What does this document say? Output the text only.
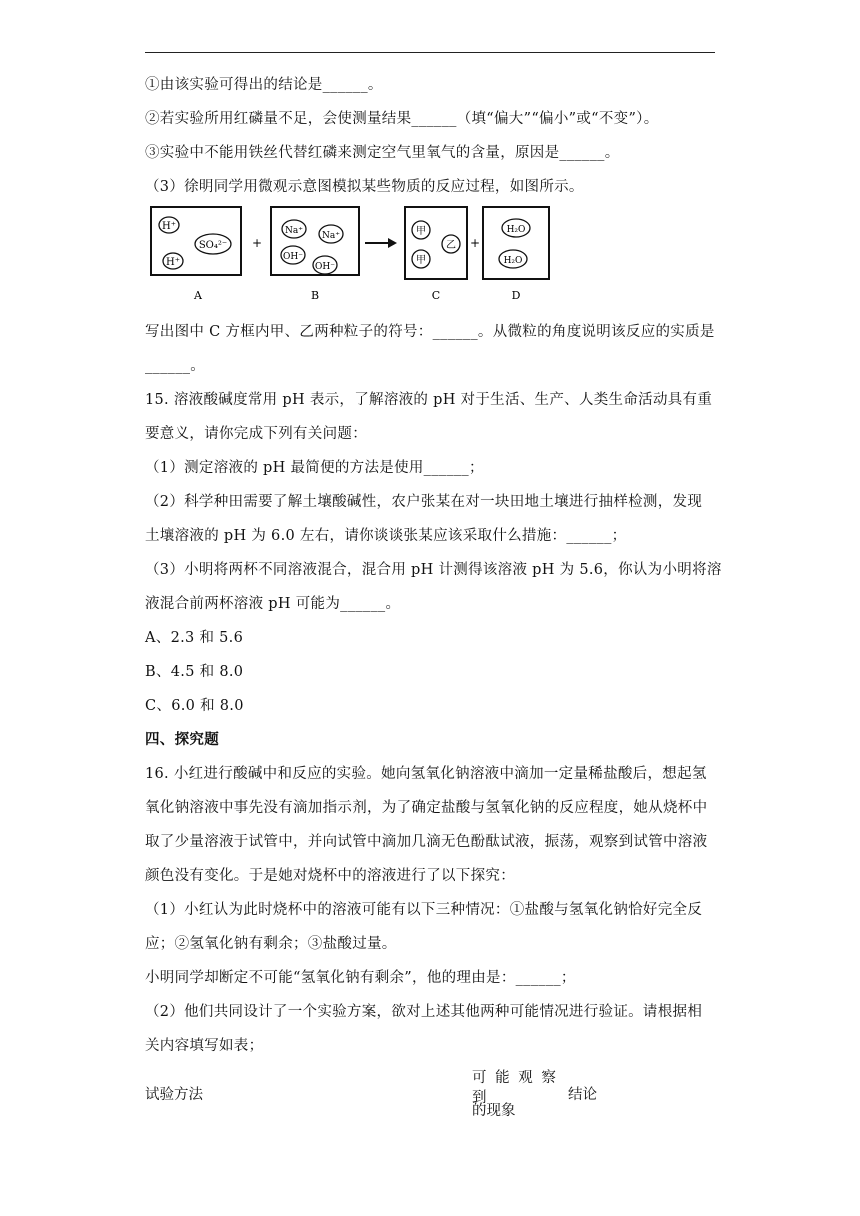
①由该实验可得出的结论是______。
②若实验所用红磷量不足，会使测量结果______（填“偏大”“偏小”或“不变”）。
③实验中不能用铁丝代替红磷来测定空气里氧气的含量，原因是______。
（3）徐明同学用微观示意图模拟某些物质的反应过程，如图所示。
H⁺
H⁺
SO₄²⁻
A
+
Na⁺ Na⁺
OH⁻
OH⁻
B
甲
甲
乙
C
+
H₂O
H₂O
D
写出图中 C 方框内甲、乙两种粒子的符号：______。从微粒的角度说明该反应的实质是
______。
15. 溶液酸碱度常用 pH 表示，了解溶液的 pH 对于生活、生产、人类生命活动具有重
要意义，请你完成下列有关问题：
（1）测定溶液的 pH 最简便的方法是使用______；
（2）科学种田需要了解土壤酸碱性，农户张某在对一块田地土壤进行抽样检测，发现
土壤溶液的 pH 为 6.0 左右，请你谈谈张某应该采取什么措施：______；
（3）小明将两杯不同溶液混合，混合用 pH 计测得该溶液 pH 为 5.6，你认为小明将溶
液混合前两杯溶液 pH 可能为______。
A、2.3 和 5.6
B、4.5 和 8.0
C、6.0 和 8.0
四、探究题
16. 小红进行酸碱中和反应的实验。她向氢氧化钠溶液中滴加一定量稀盐酸后，想起氢
氧化钠溶液中事先没有滴加指示剂，为了确定盐酸与氢氧化钠的反应程度，她从烧杯中
取了少量溶液于试管中，并向试管中滴加几滴无色酚酞试液，振荡，观察到试管中溶液
颜色没有变化。于是她对烧杯中的溶液进行了以下探究：
（1）小红认为此时烧杯中的溶液可能有以下三种情况：①盐酸与氢氧化钠恰好完全反
应；②氢氧化钠有剩余；③盐酸过量。
小明同学却断定不可能“氢氧化钠有剩余”，他的理由是：______；
（2）他们共同设计了一个实验方案，欲对上述其他两种可能情况进行验证。请根据相
关内容填写如表；
试验方法
可 能 观 察 到
的现象
结论
